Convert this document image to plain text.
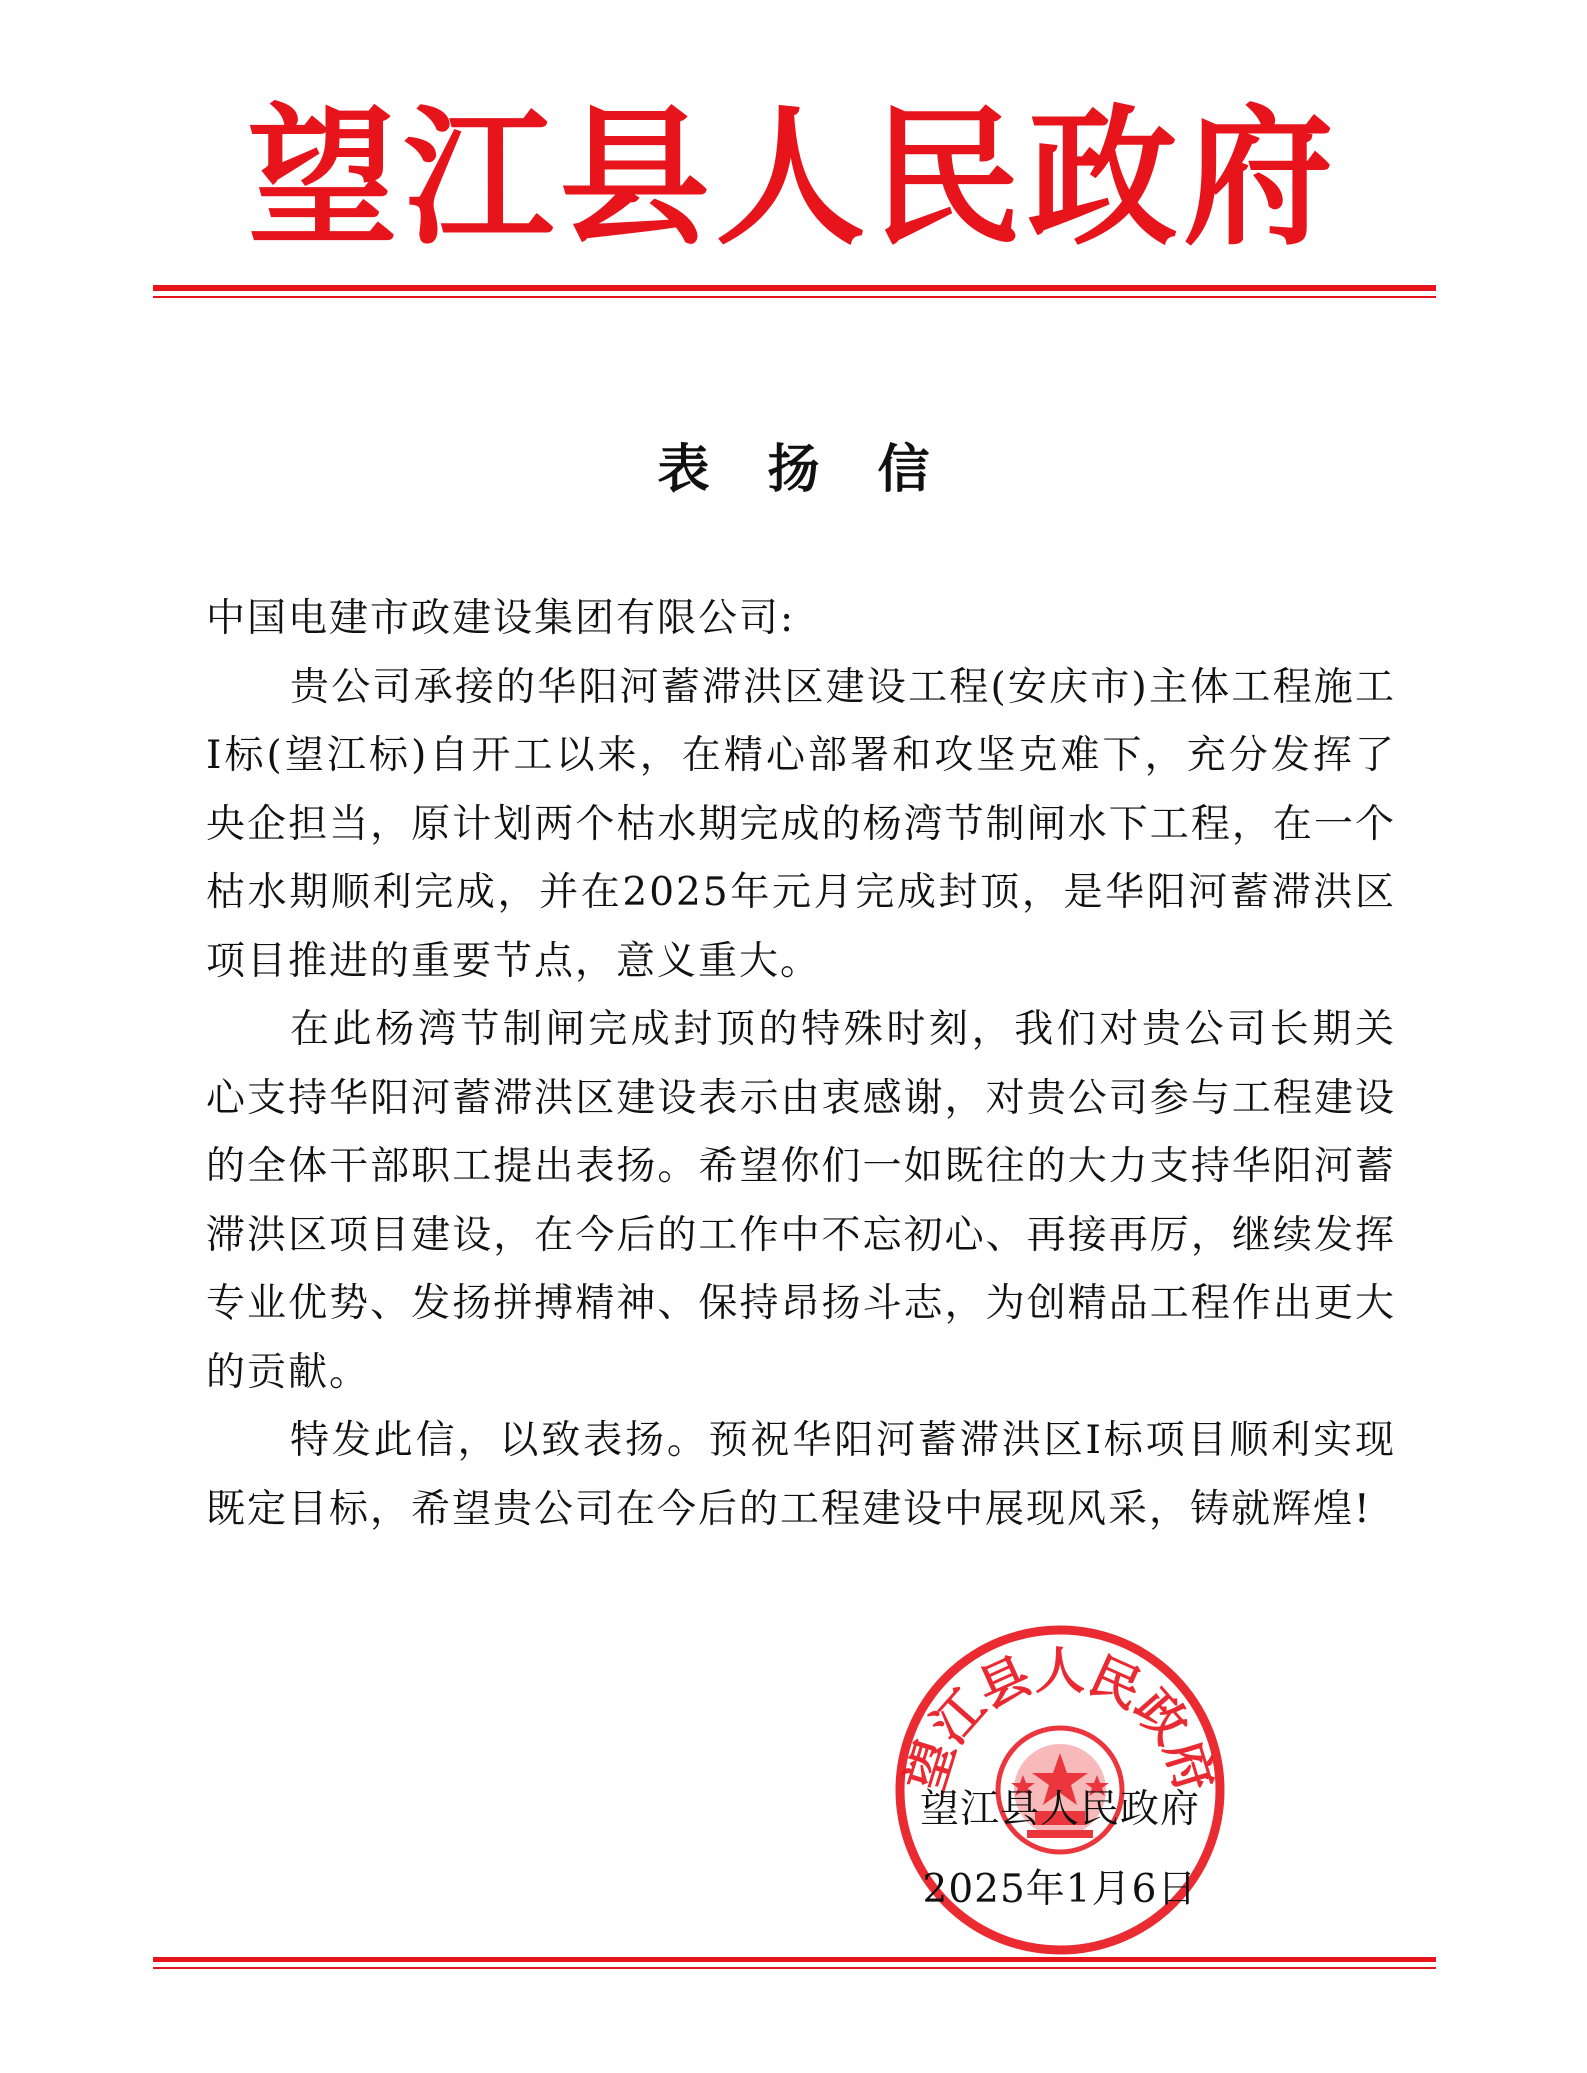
望江县人民政府
表扬信

中国电建市政建设集团有限公司:

贵公司承接的华阳河蓄滞洪区建设工程(安庆市)主体工程施工Ⅰ标(望江标)自开工以来，在精心部署和攻坚克难下，充分发挥了央企担当，原计划两个枯水期完成的杨湾节制闸水下工程，在一个枯水期顺利完成，并在2025年元月完成封顶，是华阳河蓄滞洪区项目推进的重要节点，意义重大。

在此杨湾节制闸完成封顶的特殊时刻，我们对贵公司长期关心支持华阳河蓄滞洪区建设表示由衷感谢，对贵公司参与工程建设的全体干部职工提出表扬。希望你们一如既往的大力支持华阳河蓄滞洪区项目建设，在今后的工作中不忘初心、再接再厉，继续发挥专业优势、发扬拼搏精神、保持昂扬斗志，为创精品工程作出更大的贡献。

特发此信，以致表扬。预祝华阳河蓄滞洪区Ⅰ标项目顺利实现既定目标，希望贵公司在今后的工程建设中展现风采，铸就辉煌!

望江县人民政府
望江县人民政府
2025年1月6日
